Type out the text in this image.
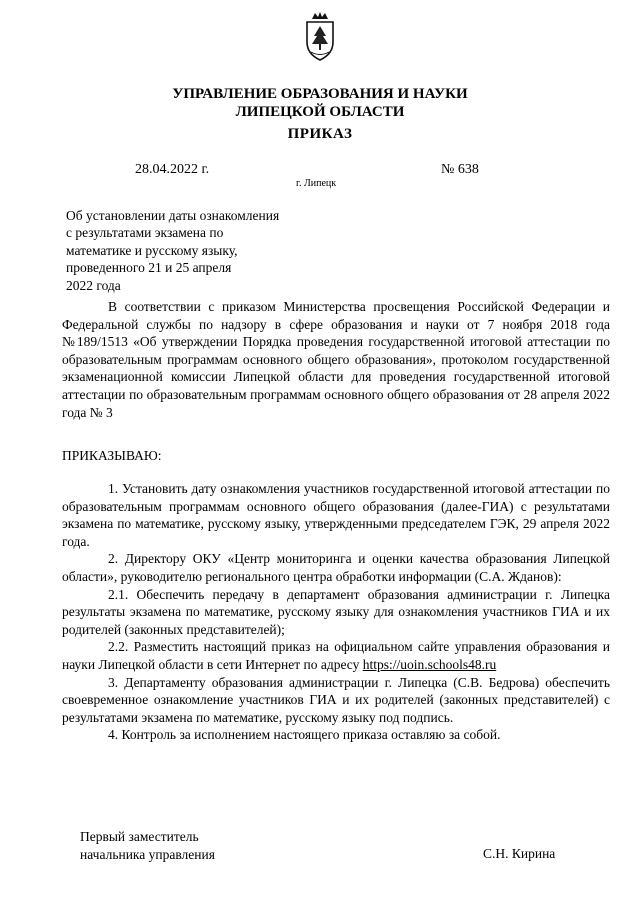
УПРАВЛЕНИЕ ОБРАЗОВАНИЯ И НАУКИ
ЛИПЕЦКОЙ ОБЛАСТИ
ПРИКАЗ
28.04.2022 г.	№ 638
г. Липецк
Об установлении даты ознакомления
с результатами экзамена по
математике и русскому языку,
проведенного 21 и 25 апреля
2022 года
В соответствии с приказом Министерства просвещения Российской Федерации и Федеральной службы по надзору в сфере образования и науки от 7 ноября 2018 года №189/1513 «Об утверждении Порядка проведения государственной итоговой аттестации по образовательным программам основного общего образования», протоколом государственной экзаменационной комиссии Липецкой области для проведения государственной итоговой аттестации по образовательным программам основного общего образования от 28 апреля 2022 года № 3
ПРИКАЗЫВАЮ:

1. Установить дату ознакомления участников государственной итоговой аттестации по образовательным программам основного общего образования (далее-ГИА) с результатами экзамена по математике, русскому языку, утвержденными председателем ГЭК, 29 апреля 2022 года.

2. Директору ОКУ «Центр мониторинга и оценки качества образования Липецкой области», руководителю регионального центра обработки информации (С.А. Жданов):

2.1. Обеспечить передачу в департамент образования администрации г. Липецка результаты экзамена по математике, русскому языку для ознакомления участников ГИА и их родителей (законных представителей);

2.2. Разместить настоящий приказ на официальном сайте управления образования и науки Липецкой области в сети Интернет по адресу https://uoin.schools48.ru

3. Департаменту образования администрации г. Липецка (С.В. Бедрова) обеспечить своевременное ознакомление участников ГИА и их родителей (законных представителей) с результатами экзамена по математике, русскому языку под подпись.

4. Контроль за исполнением настоящего приказа оставляю за собой.

Первый заместитель
начальника управления	С.Н. Кирина
